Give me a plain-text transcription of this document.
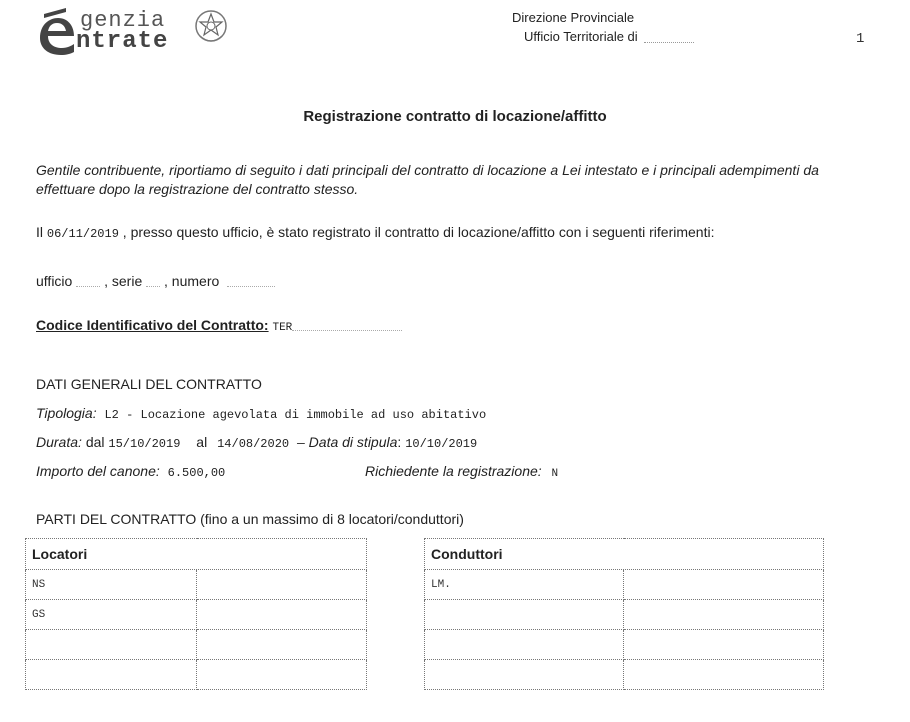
genzia
ntrate
Direzione Provinciale
Ufficio Territoriale di	1
Registrazione contratto di locazione/affitto
Gentile contribuente, riportiamo di seguito i dati principali del contratto di locazione a Lei intestato e i principali adempimenti da effettuare dopo la registrazione del contratto stesso.
Il 06/11/2019 , presso questo ufficio, è stato registrato il contratto di locazione/affitto con i seguenti riferimenti:
ufficio , serie , numero
Codice Identificativo del Contratto: TER
DATI GENERALI DEL CONTRATTO
Tipologia: L2 - Locazione agevolata di immobile ad uso abitativo
Durata: dal 15/10/2019 al 14/08/2020 – Data di stipula: 10/10/2019
Importo del canone: 6.500,00	Richiedente la registrazione: N
PARTI DEL CONTRATTO (fino a un massimo di 8 locatori/conduttori)
Locatori	
NS	
GS	

Conduttori	
LM.	
